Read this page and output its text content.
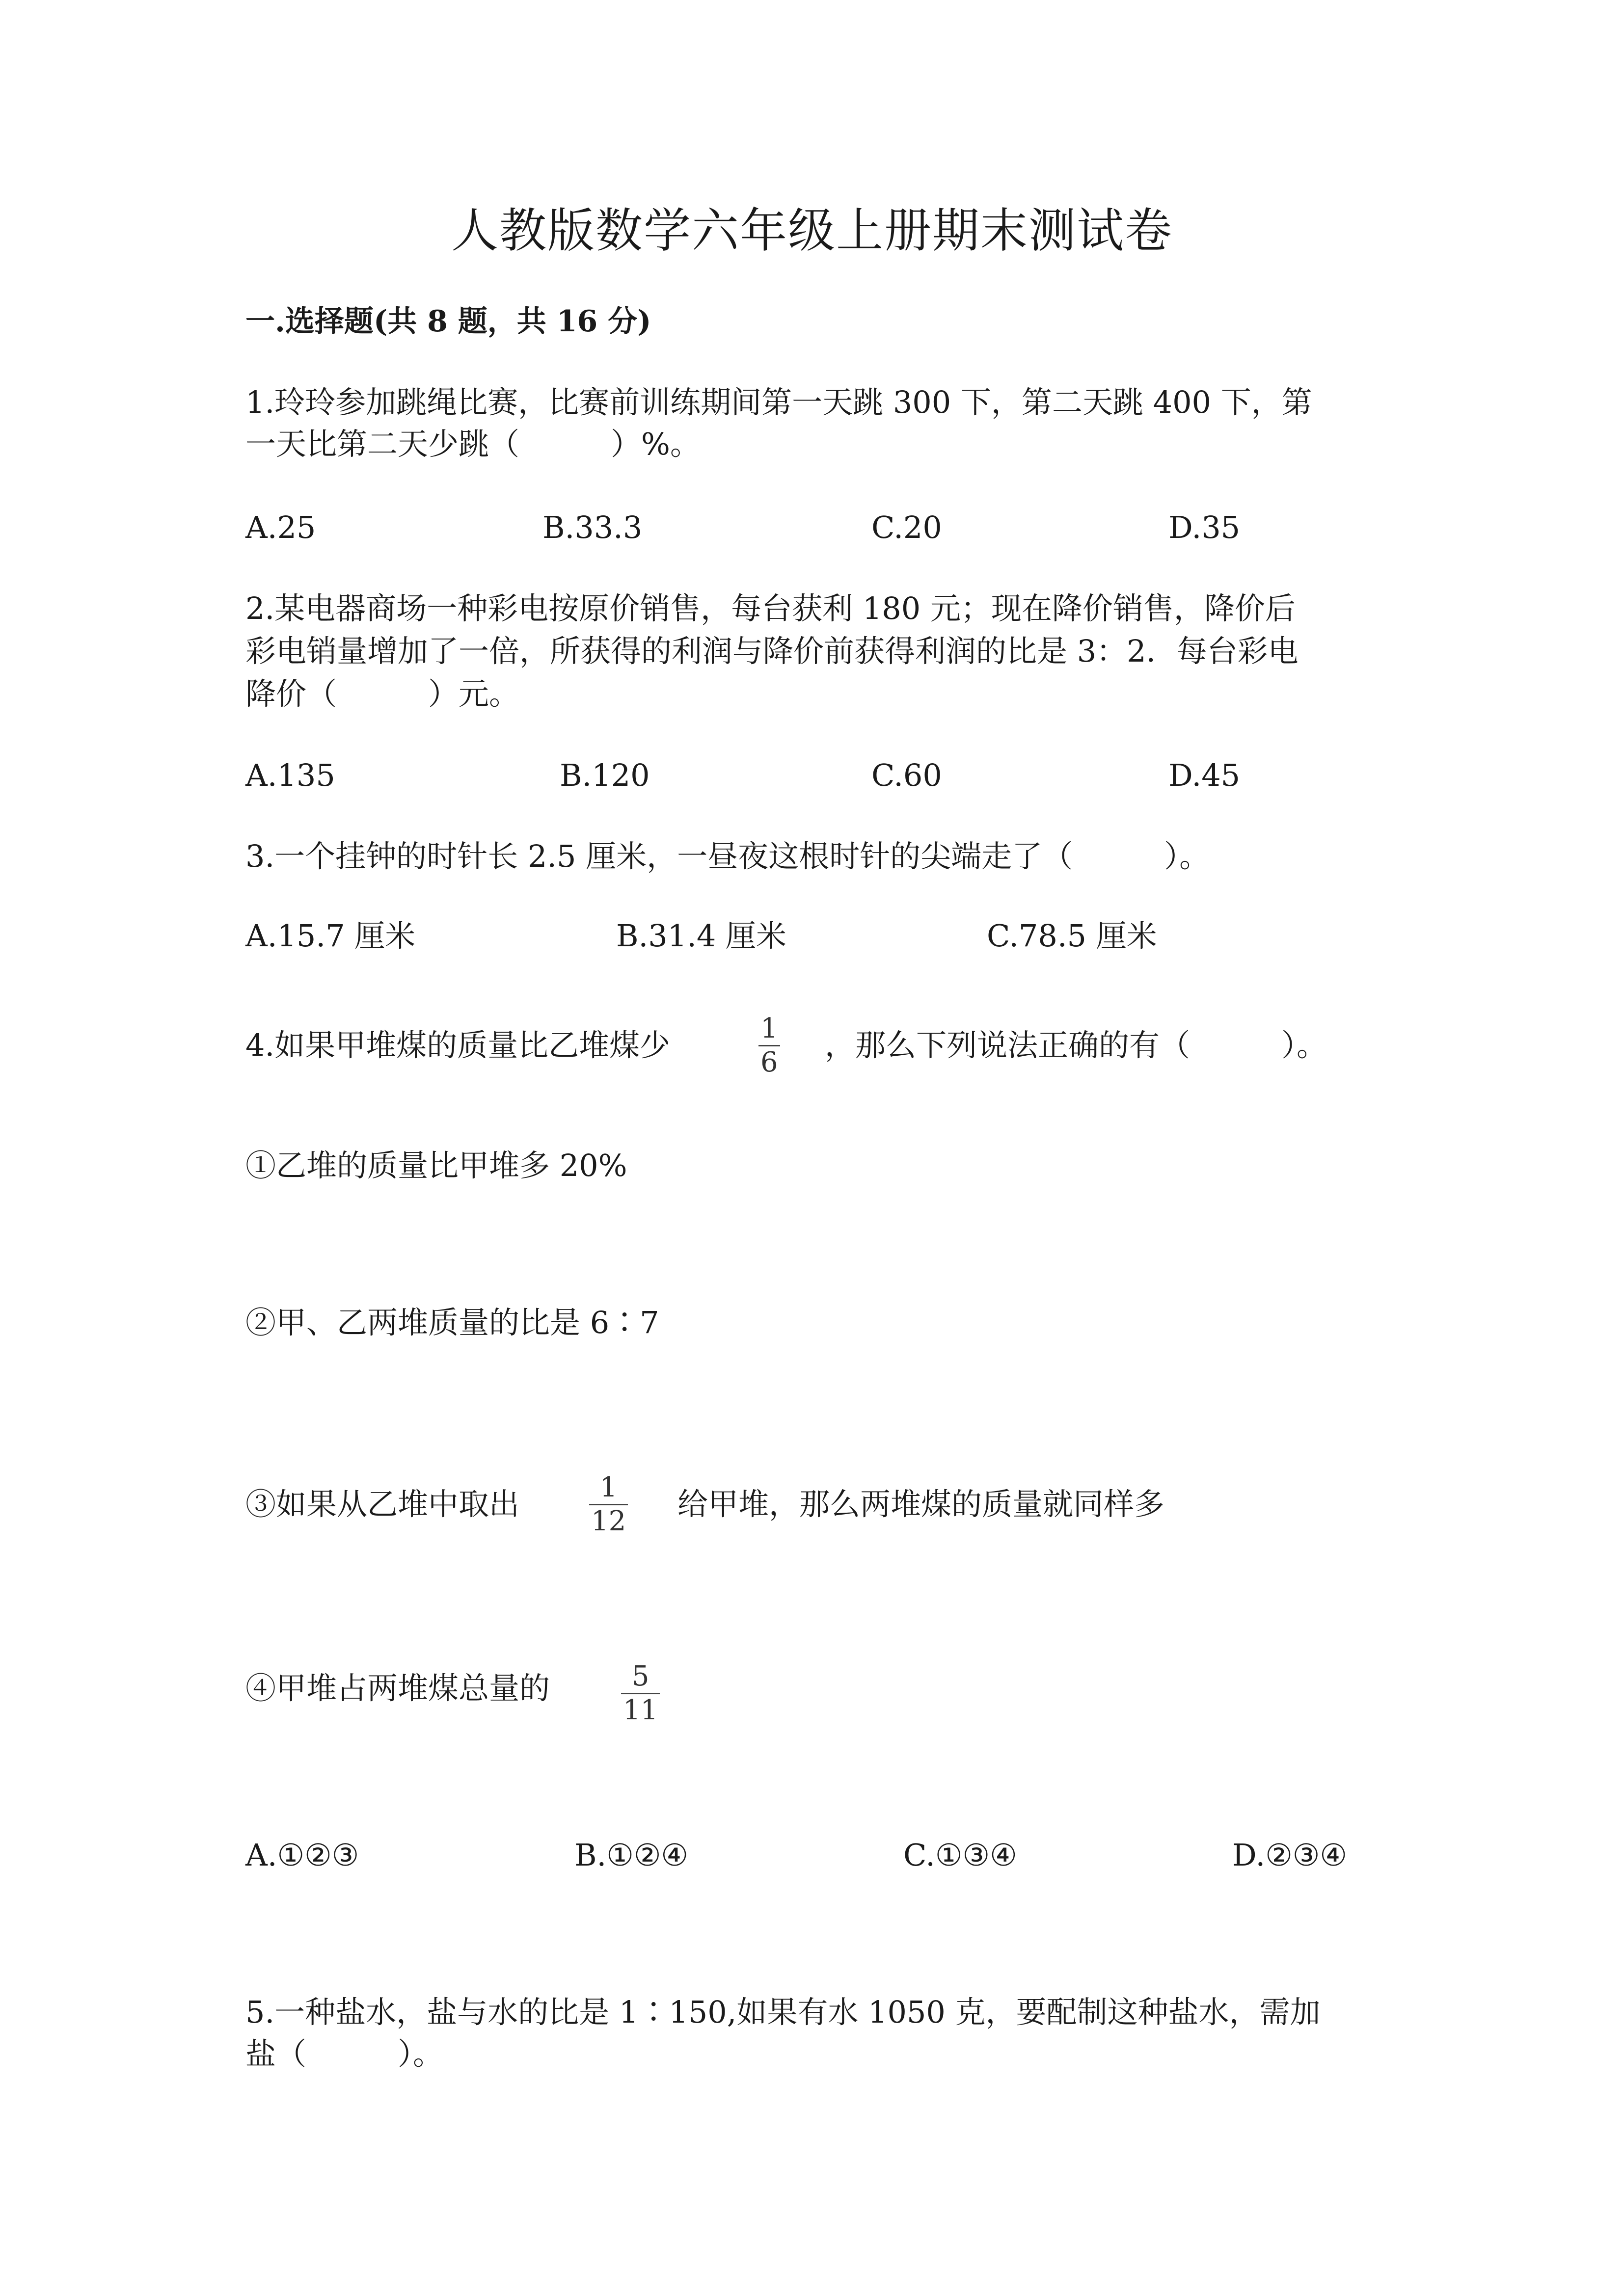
人教版数学六年级上册期末测试卷
一.选择题(共 8 题，共 16 分)
1.玲玲参加跳绳比赛，比赛前训练期间第一天跳 300 下，第二天跳 400 下，第
一天比第二天少跳（　　　）%。
A.25	B.33.3	C.20	D.35
2.某电器商场一种彩电按原价销售，每台获利 180 元；现在降价销售，降价后
彩电销量增加了一倍，所获得的利润与降价前获得利润的比是 3：2．每台彩电
降价（　　　）元。
A.135	B.120	C.60	D.45
3.一个挂钟的时针长 2.5 厘米，一昼夜这根时针的尖端走了（　　　）。
A.15.7 厘米	B.31.4 厘米	C.78.5 厘米
4.如果甲堆煤的质量比乙堆煤少	1
6 ，那么下列说法正确的有（　　　）。
①乙堆的质量比甲堆多 20%
②甲、乙两堆质量的比是 6∶7
③如果从乙堆中取出	1
12 给甲堆，那么两堆煤的质量就同样多
④甲堆占两堆煤总量的	5
11
A.①②③	B.①②④	C.①③④	D.②③④
5.一种盐水，盐与水的比是 1∶150,如果有水 1050 克，要配制这种盐水，需加
盐（　　　）。
